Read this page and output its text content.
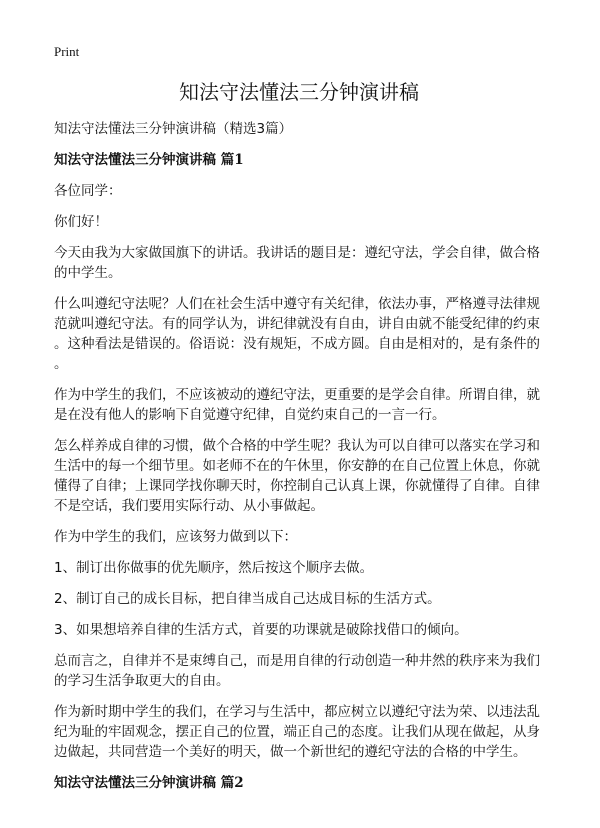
Print
知法守法懂法三分钟演讲稿
知法守法懂法三分钟演讲稿（精选3篇）
知法守法懂法三分钟演讲稿 篇1
各位同学：
你们好！
今天由我为大家做国旗下的讲话。我讲话的题目是：遵纪守法，学会自律，做合格
的中学生。
什么叫遵纪守法呢？人们在社会生活中遵守有关纪律，依法办事，严格遵寻法律规
范就叫遵纪守法。有的同学认为，讲纪律就没有自由，讲自由就不能受纪律的约束
。这种看法是错误的。俗语说：没有规矩，不成方圆。自由是相对的，是有条件的
。
作为中学生的我们，不应该被动的遵纪守法，更重要的是学会自律。所谓自律，就
是在没有他人的影响下自觉遵守纪律，自觉约束自己的一言一行。
怎么样养成自律的习惯，做个合格的中学生呢？我认为可以自律可以落实在学习和
生活中的每一个细节里。如老师不在的午休里，你安静的在自己位置上休息，你就
懂得了自律；上课同学找你聊天时，你控制自己认真上课，你就懂得了自律。自律
不是空话，我们要用实际行动、从小事做起。
作为中学生的我们，应该努力做到以下：
1、制订出你做事的优先顺序，然后按这个顺序去做。
2、制订自己的成长目标，把自律当成自己达成目标的生活方式。
3、如果想培养自律的生活方式，首要的功课就是破除找借口的倾向。
总而言之，自律并不是束缚自己，而是用自律的行动创造一种井然的秩序来为我们
的学习生活争取更大的自由。
作为新时期中学生的我们，在学习与生活中，都应树立以遵纪守法为荣、以违法乱
纪为耻的牢固观念，摆正自己的位置，端正自己的态度。让我们从现在做起，从身
边做起，共同营造一个美好的明天，做一个新世纪的遵纪守法的合格的中学生。
知法守法懂法三分钟演讲稿 篇2
